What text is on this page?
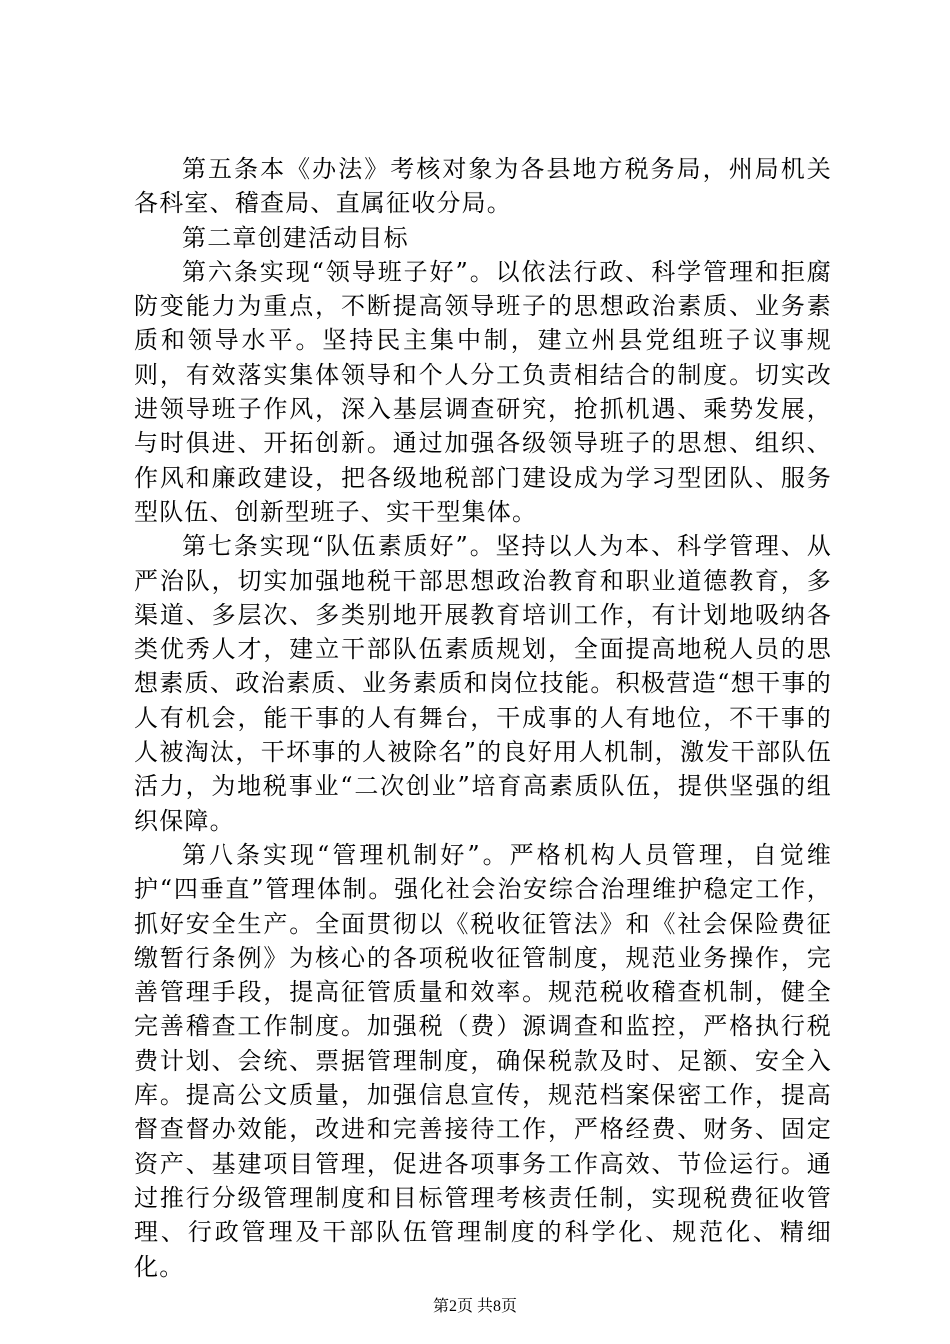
第五条本《办法》考核对象为各县地方税务局，州局机关各科室、稽查局、直属征收分局。

第二章创建活动目标

第六条实现“领导班子好”。以依法行政、科学管理和拒腐防变能力为重点，不断提高领导班子的思想政治素质、业务素质和领导水平。坚持民主集中制，建立州县党组班子议事规则，有效落实集体领导和个人分工负责相结合的制度。切实改进领导班子作风，深入基层调查研究，抢抓机遇、乘势发展，与时俱进、开拓创新。通过加强各级领导班子的思想、组织、作风和廉政建设，把各级地税部门建设成为学习型团队、服务型队伍、创新型班子、实干型集体。

第七条实现“队伍素质好”。坚持以人为本、科学管理、从严治队，切实加强地税干部思想政治教育和职业道德教育，多渠道、多层次、多类别地开展教育培训工作，有计划地吸纳各类优秀人才，建立干部队伍素质规划，全面提高地税人员的思想素质、政治素质、业务素质和岗位技能。积极营造“想干事的人有机会，能干事的人有舞台，干成事的人有地位，不干事的人被淘汰，干坏事的人被除名”的良好用人机制，激发干部队伍活力，为地税事业“二次创业”培育高素质队伍，提供坚强的组织保障。

第八条实现“管理机制好”。严格机构人员管理，自觉维护“四垂直”管理体制。强化社会治安综合治理维护稳定工作，抓好安全生产。全面贯彻以《税收征管法》和《社会保险费征缴暂行条例》为核心的各项税收征管制度，规范业务操作，完善管理手段，提高征管质量和效率。规范税收稽查机制，健全完善稽查工作制度。加强税（费）源调查和监控，严格执行税费计划、会统、票据管理制度，确保税款及时、足额、安全入库。提高公文质量，加强信息宣传，规范档案保密工作，提高督查督办效能，改进和完善接待工作，严格经费、财务、固定资产、基建项目管理，促进各项事务工作高效、节俭运行。通过推行分级管理制度和目标管理考核责任制，实现税费征收管理、行政管理及干部队伍管理制度的科学化、规范化、精细化。

第2页 共8页
